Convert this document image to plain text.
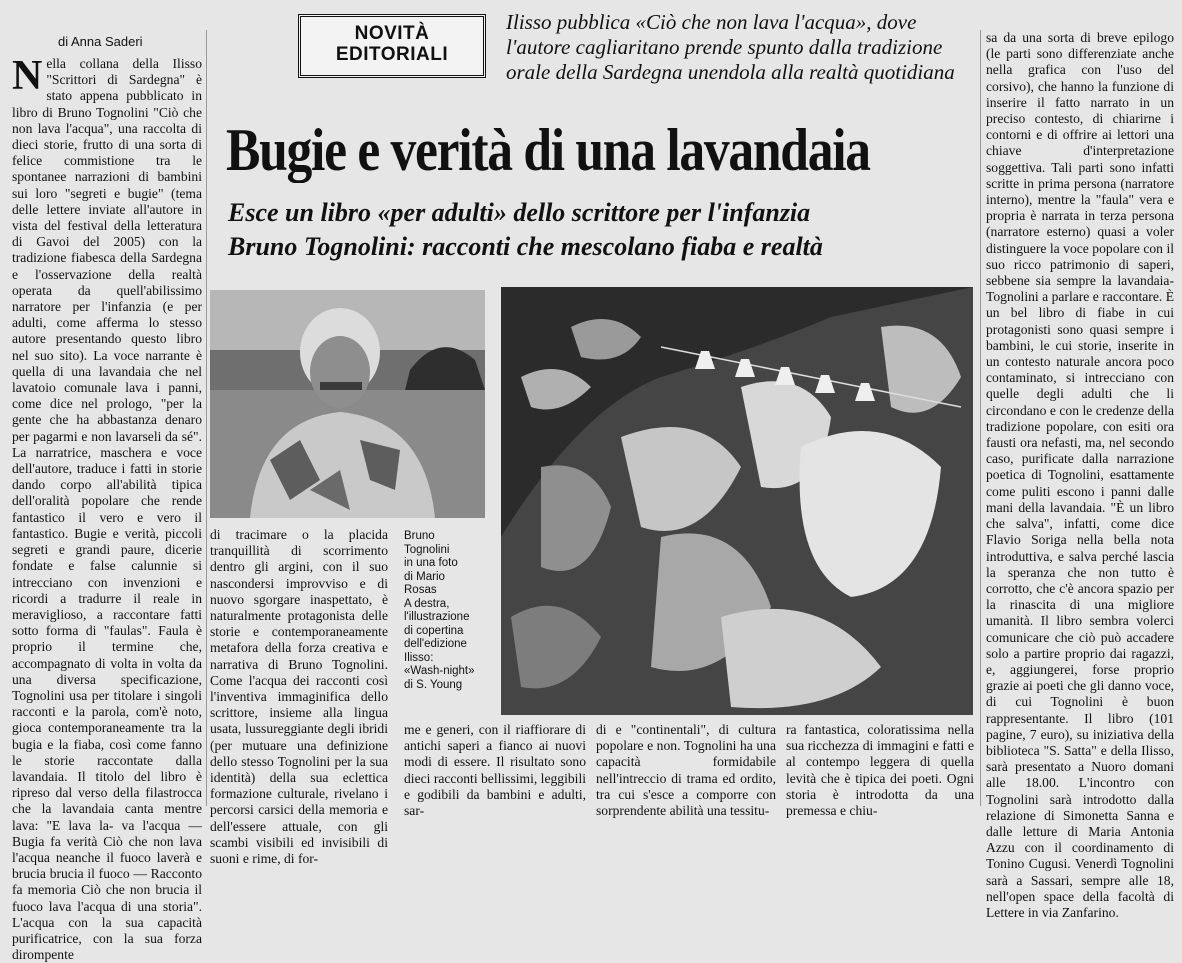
di Anna Saderi	NOVITÀ
EDITORIALI
Ilisso pubblica «Ciò che non lava l'acqua», dove
l'autore cagliaritano prende spunto dalla tradizione
orale della Sardegna unendola alla realtà quotidiana
Bugie e verità di una lavandaia
Esce un libro «per adulti» dello scrittore per l'infanzia
Bruno Tognolini: racconti che mescolano fiaba e realtà
N ella collana della Ilisso "Scrittori di Sardegna" è stato appena pubblicato in libro di Bruno Tognolini "Ciò che non lava l'acqua", una raccolta di dieci storie, frutto di una sorta di felice commistione tra le spontanee narrazioni di bambini sui loro "segreti e bugie" (tema delle lettere inviate all'autore in vista del festival della letteratura di Gavoi del 2005) con la tradizione fiabesca della Sardegna e l'osservazione della realtà operata da quell'abilissimo narratore per l'infanzia (e per adulti, come afferma lo stesso autore presentando questo libro nel suo sito). La voce narrante è quella di una lavandaia che nel lavatoio comunale lava i panni, come dice nel prologo, "per la gente che ha abbastanza denaro per pagarmi e non lavarseli da sé". La narratrice, maschera e voce dell'autore, traduce i fatti in storie dando corpo all'abilità tipica dell'oralità popolare che rende fantastico il vero e vero il fantastico. Bugie e verità, piccoli segreti e grandi paure, dicerie fondate e false calunnie si intrecciano con invenzioni e ricordi a tradurre il reale in meraviglioso, a raccontare fatti sotto forma di "faulas". Faula è proprio il termine che, accompagnato di volta in volta da una diversa specificazione, Tognolini usa per titolare i singoli racconti e la parola, com'è noto, gioca contemporaneamente tra la bugia e la fiaba, così come fanno le storie raccontate dalla lavandaia. Il titolo del libro è ripreso dal verso della filastrocca che la lavandaia canta mentre lava: "E lava la- va l'acqua — Bugia fa verità Ciò che non lava l'acqua neanche il fuoco laverà e brucia brucia il fuoco — Racconto fa memoria Ciò che non brucia il fuoco lava l'acqua di una storia". L'acqua con la sua capacità purificatrice, con la sua forza dirompente
Bruno
Tognolini
in una foto
di Mario
Rosas
A destra,
l'illustrazione
di copertina
dell'edizione
Ilisso:
«Wash-night»
di S. Young
di tracimare o la placida tranquillità di scorrimento dentro gli argini, con il suo nascondersi improvviso e di nuovo sgorgare inaspettato, è naturalmente protagonista delle storie e contemporaneamente metafora della forza creativa e narrativa di Bruno Tognolini. Come l'acqua dei racconti così l'inventiva immaginifica dello scrittore, insieme alla lingua usata, lussureggiante degli ibridi (per mutuare una definizione dello stesso Tognolini per la sua identità) della sua eclettica formazione culturale, rivelano i percorsi carsici della memoria e dell'essere attuale, con gli scambi visibili ed invisibili di suoni e rime, di for-
me e generi, con il riaffiorare di antichi saperi a fianco ai nuovi modi di essere. Il risultato sono dieci racconti bellissimi, leggibili e godibili da bambini e adulti, sar-
di e "continentali", di cultura popolare e non. Tognolini ha una capacità formidabile nell'intreccio di trama ed ordito, tra cui s'esce a comporre con sorprendente abilità una tessitu-
ra fantastica, coloratissima nella sua ricchezza di immagini e fatti e al contempo leggera di quella levità che è tipica dei poeti. Ogni storia è introdotta da una premessa e chiu-
sa da una sorta di breve epilogo (le parti sono differenziate anche nella grafica con l'uso del corsivo), che hanno la funzione di inserire il fatto narrato in un preciso contesto, di chiarirne i contorni e di offrire ai lettori una chiave d'interpretazione soggettiva. Tali parti sono infatti scritte in prima persona (narratore interno), mentre la "faula" vera e propria è narrata in terza persona (narratore esterno) quasi a voler distinguere la voce popolare con il suo ricco patrimonio di saperi, sebbene sia sempre la lavandaia-Tognolini a parlare e raccontare. È un bel libro di fiabe in cui protagonisti sono quasi sempre i bambini, le cui storie, inserite in un contesto naturale ancora poco contaminato, si intrecciano con quelle degli adulti che li circondano e con le credenze della tradizione popolare, con esiti ora fausti ora nefasti, ma, nel secondo caso, purificate dalla narrazione poetica di Tognolini, esattamente come puliti escono i panni dalle mani della lavandaia. "È un libro che salva", infatti, come dice Flavio Soriga nella bella nota introduttiva, e salva perché lascia la speranza che non tutto è corrotto, che c'è ancora spazio per la rinascita di una migliore umanità. Il libro sembra volerci comunicare che ciò può accadere solo a partire proprio dai ragazzi, e, aggiungerei, forse proprio grazie ai poeti che gli danno voce, di cui Tognolini è buon rappresentante. Il libro (101 pagine, 7 euro), su iniziativa della biblioteca "S. Satta" e della Ilisso, sarà presentato a Nuoro domani alle 18.00. L'incontro con Tognolini sarà introdotto dalla relazione di Simonetta Sanna e dalle letture di Maria Antonia Azzu con il coordinamento di Tonino Cugusi. Venerdì Tognolini sarà a Sassari, sempre alle 18, nell'open space della facoltà di Lettere in via Zanfarino.
